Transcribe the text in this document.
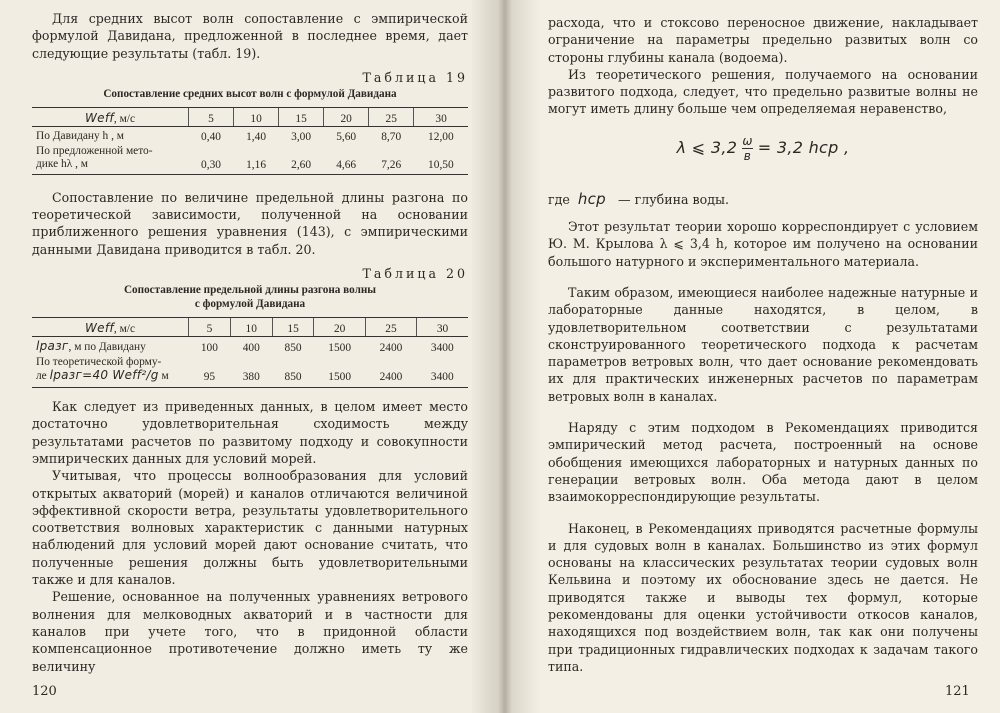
Для средних высот волн сопоставление с эмпирической формулой Давидана, предложенной в последнее время, дает следующие результаты (табл. 19).

Таблица 19
Сопоставление средних высот волн с формулой Давидана
Weff, м/с	5	10	15	20	25	30
По Давидану h , м	0,40	1,40	3,00	5,60	8,70	12,00
По предложенной мето-
дике hλ , м	0,30	1,16	2,60	4,66	7,26	10,50

Сопоставление по величине предельной длины разгона по теоретической зависимости, полученной на основании приближенного решения уравнения (143), с эмпирическими данными Давидана приводится в табл. 20.

Таблица 20
Сопоставление предельной длины разгона волны
с формулой Давидана
Weff, м/с	5	10	15	20	25	30
lразг, м по Давидану	100	400	850	1500	2400	3400
По теоретической форму-
ле lразг=40 Weff²/g м	95	380	850	1500	2400	3400

Как следует из приведенных данных, в целом имеет место достаточно удовлетворительная сходимость между результатами расчетов по развитому подходу и совокупности эмпирических данных для условий морей.

Учитывая, что процессы волнообразования для условий открытых акваторий (морей) и каналов отличаются величиной эффективной скорости ветра, результаты удовлетворительного соответствия волновых характеристик с данными натурных наблюдений для условий морей дают основание считать, что полученные решения должны быть удовлетворительными также и для каналов.

Решение, основанное на полученных уравнениях ветрового волнения для мелководных акваторий и в частности для каналов при учете того, что в придонной области компенсационное противотечение должно иметь ту же величину

120

расхода, что и стоксово переносное движение, накладывает ограничение на параметры предельно развитых волн со стороны глубины канала (водоема).

Из теоретического решения, получаемого на основании развитого подхода, следует, что предельно развитые волны не могут иметь длину больше чем определяемая неравенство,

λ ⩽ $3,2 \frac{\omega}{в} = 3,2$ hср ,

где hср — глубина воды.

Этот результат теории хорошо корреспондирует с условием Ю. М. Крылова λ ⩽ 3,4 h, которое им получено на основании большого натурного и экспериментального материала.

Таким образом, имеющиеся наиболее надежные натурные и лабораторные данные находятся, в целом, в удовлетворительном соответствии с результатами сконструированного теоретического подхода к расчетам параметров ветровых волн, что дает основание рекомендовать их для практических инженерных расчетов по параметрам ветровых волн в каналах.

Наряду с этим подходом в Рекомендациях приводится эмпирический метод расчета, построенный на основе обобщения имеющихся лабораторных и натурных данных по генерации ветровых волн. Оба метода дают в целом взаимокорреспондирующие результаты.

Наконец, в Рекомендациях приводятся расчетные формулы и для судовых волн в каналах. Большинство из этих формул основаны на классических результатах теории судовых волн Кельвина и поэтому их обоснование здесь не дается. Не приводятся также и выводы тех формул, которые рекомендованы для оценки устойчивости откосов каналов, находящихся под воздействием волн, так как они получены при традиционных гидравлических подходах к задачам такого типа.

121
